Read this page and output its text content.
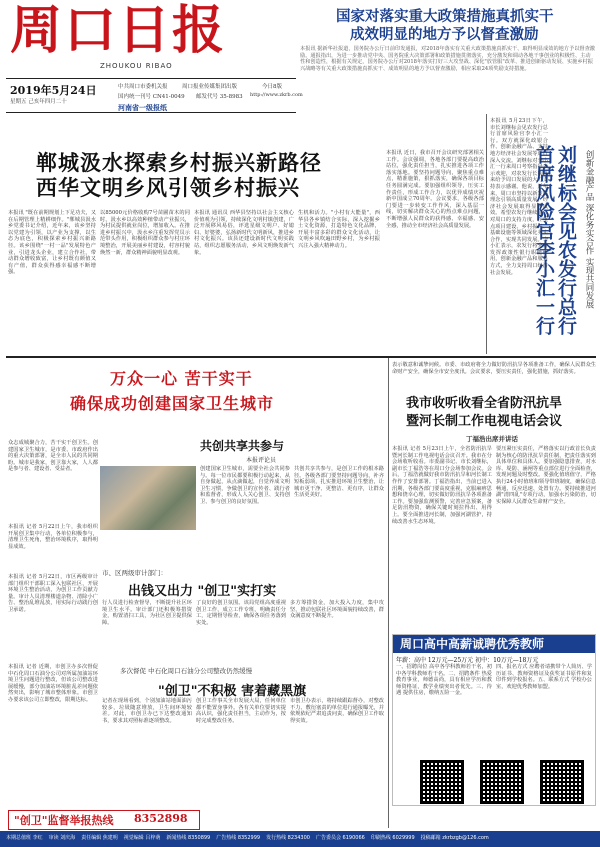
周口日报
ZHOUKOU RIBAO
国家对落实重大政策措施真抓实干
成效明显的地方予以督查激励
本报讯 据新华社报道，国务院办公厅日前印发通报，对2018年落实有关重大政策措施真抓实干、取得明显成效的地方予以督查激励。通报指出，为进一步推动党中央、国务院重大决策部署和政策措施贯彻落实，充分激发和调动各地干事创业的积极性、主动性和创造性，根据有关规定，国务院办公厅对2018年落实打好三大攻坚战、深化"放管服"改革、推进创新驱动发展、实施乡村振兴战略等有关重大政策措施真抓实干、成效明显的地方予以督查激励，相应采取24项奖励支持措施。
2019年5月24日
星期五 己亥年四月二十
中共周口市委机关报	周口报业传媒集团出版	今日8版
国内统一刊号 CN41-0049	邮发代号 35-8983	http://www.zkrb.com
河南省一级报纸
郸城汲水探索乡村振兴新路径
西华文明乡风引领乡村振兴
本报讯 "既在前期规划上下足功夫，又在后期管理上精耕细作。"郸城县汲水乡党委书记介绍，近年来，该乡坚持以党建为引领，以产业为支撑，以生态为底色，积极探索乡村振兴新路径。该乡围绕"一村一品"发展特色产业，引进龙头企业，建立合作社，带动群众增收致富，让乡村既有颜值又有产值，群众获得感幸福感不断增强。
以85000元价格收购7号苗圃苗木的同时，汲水乡以高效种植带动产业振兴，为村民提供就业岗位，增加收入。在推进乡村振兴中，汲水乡注重发挥党员示范带头作用，积极组织群众参与村庄环境整治，开展美丽乡村建设，村容村貌焕然一新，群众精神面貌明显改观。
本报讯 通讯员 西华县坚持以社会主义核心价值观为引领，持续深化文明村镇创建，广泛开展移风易俗，评选星级文明户、好媳妇、好婆婆，弘扬新时代文明新风，推进乡村文化振兴。该县还建设新时代文明实践站，组织志愿服务活动，乡风文明焕发新气象。
生机和活力。"小村有大能量"，西华县各乡镇结合实际，深入挖掘乡土文化资源，打造特色文化品牌，开展丰富多彩的群众文化活动，让文明乡风吹遍田野乡村，为乡村振兴注入强大精神动力。
本报讯 近日，我市召开会议研究部署相关工作。会议强调，各地各部门要提高政治站位，强化责任担当，扎实推进各项工作落实落地。要坚持问题导向，聚焦重点难点，精准施策，狠抓落实，确保各项目标任务圆满完成。要加强组织领导，压实工作责任，形成工作合力，以优异成绩庆祝新中国成立70周年。会议要求，各级各部门要进一步转变工作作风，深入基层一线，切实解决群众关心的热点难点问题，不断增强人民群众的获得感、幸福感、安全感，推动全市经济社会高质量发展。	刘继标会见农发行总行首席风险官李小汇一行	创新金融产品 深化务实合作 实现共同发展
本报讯 5月23日下午，市长刘继标会见农发行总行首席风险官李小汇一行。双方就深化政银合作、创新金融产品、支持地方经济社会发展等进行深入交流。刘继标对李小汇一行来周口考察指导表示欢迎，对农发行长期以来给予周口发展的大力支持表示感谢。他说，近年来，周口市坚持以新发展理念引领高质量发展，经济社会发展取得显著成效。希望农发行继续加大对周口的支持力度，在重点项目建设、乡村振兴、基础设施等领域深化务实合作，实现共同发展。李小汇表示，农发行将充分发挥政策性银行职能作用，创新金融产品和服务方式，全力支持周口经济社会发展。
万众一心 苦干实干
确保成功创建国家卫生城市
共创共享共参与
本报评论员
众志成城聚合力，苦干实干创卫生。创建国家卫生城市，是市委、市政府作出的重大决策部署，是全市人民的共同期盼。城市是我家，创卫靠大家，人人都是参与者、建设者、受益者。	创建国家卫生城市，需要全社会共同参与。每一位市民都要积极行动起来，从自身做起，从点滴做起，自觉养成文明卫生习惯，争做创卫的宣传者、践行者和监督者，形成人人关心创卫、支持创卫、参与创卫的良好氛围。
共创共享共参与，是创卫工作的根本路径。各级各部门要坚持问题导向，补齐短板弱项，扎实推进环境卫生整治，让城市更干净、更整洁、更有序，让群众生活更美好。
本报讯 记者 5月22日上午，我市组织开展创卫集中行动，各单位积极参与，清理卫生死角，整治环境秩序，取得明显成效。
市、区两级审计部门：
出钱又出力 "创卫"实打实
本报讯 记者 5月22日，市区两级审计部门组织干部职工深入包联社区，开展环境卫生整治活动，为创卫工作贡献力量。审计人员清理楼道杂物、清除小广告、整治乱堆乱放，用实际行动践行创卫承诺。
行人员进行检查督导，不断提升社区环境卫生水平。审计部门还积极筹措资金，购置清扫工具，为社区创卫提供保障。
了良好的创卫氛围。该局党组高度重视创卫工作，成立工作专班，明确责任分工，定期督导检查，确保各项任务落到实处。
多方筹措资金，加大投入力度，集中攻坚，推动包联社区环境面貌持续改善，群众满意度不断提升。
多次督促 中石化周口石油分公司整改仍然缓慢
"创卫"不积极 害着藏黑旗
本报讯 记者 近期，市创卫办多次督促中石化周口石油分公司对所属加油站环境卫生问题进行整改，但该公司整改进展缓慢，部分加油站环境脏乱差问题依然突出，影响了城市整体形象。市创卫办要求该公司立即整改，限期达标。	记者在现场看到，个别加油站地面油污较多，垃圾随意堆放，卫生间环境较差。对此，市创卫办已下达整改通知书，要求其对照标准逐项整改。
创卫工作事关全市发展大局，任何单位都不能置身事外。各有关单位要切实提高认识，强化责任担当，主动作为，按时完成整改任务。
市创卫办表示，将持续跟踪督办，对整改不力、敷衍塞责的单位进行通报曝光，并依规依纪严肃追责问责，确保创卫工作取得实效。
"创卫"监督举报热线	8352898
我市收听收看全省防汛抗旱
暨河长制工作电视电话会议
丁福浩出席并讲话
表示敬意和诚挚问候。市委、市政府将全力做好防汛抗旱各项准备工作，确保人民群众生命财产安全，确保全市安全度汛。会议要求，要压实责任，强化措施，抓好落实。
本报讯 记者 5月23日上午，全省防汛抗旱暨河长制工作电视电话会议召开。我市在分会场收听收看。市委副书记、市长刘继标，副市长丁福浩等在周口分会场参加会议。会后，丁福浩就做好我市防汛抗旱和河长制工作作了安排部署。丁福浩指出，当前已进入汛期，各级各部门要高度重视，克服麻痹思想和侥幸心理，切实做好防汛抗旱各项准备工作。要加强监测预警，完善应急预案，备足防汛物资，确保关键时刻拉得出、用得上。要全面推进河长制，加强河湖管护，持续改善水生态环境。
要压紧压实责任，严格落实以行政首长负责制为核心的防汛抗旱责任制，把责任落实到具体单位和具体人。要加强隐患排查，对水库、堤防、涵闸等重点部位进行全面检查，发现问题及时整改。要强化值班值守，严格执行24小时值班和领导带班制度，确保信息畅通、反应迅速、处置有力。要持续推进河湖"清四乱"专项行动，加强水污染防治，切实保障人民群众生命财产安全。
周口高中高薪诚聘优秀教师
年薪：高中 12万元—25万元 初中：10万元—18万元
一、招聘岗位 高中各学科教师若干名，初中各学科教师若干名。二、招聘条件 热爱教育事业，师德高尚，具有相应学历和教师资格证，教学业绩突出者优先。三、待遇 提供住房，缴纳五险一金。
四、报名方式 应聘者请携带个人简历、学历证书、教师资格证及获奖证书原件和复印件到学校报名。五、联系方式 学校办公室，欢迎优秀教师加盟。
本期总值班 李红 审读 刘庆海 责任编辑 焦建明 视觉编辑 吕梓萌 新闻热线 8350899 广告热线 8352999 发行热线 8234300 广告委员会 6190066 印刷热线 6029999 投稿邮箱 zkrbzgb@126.com
